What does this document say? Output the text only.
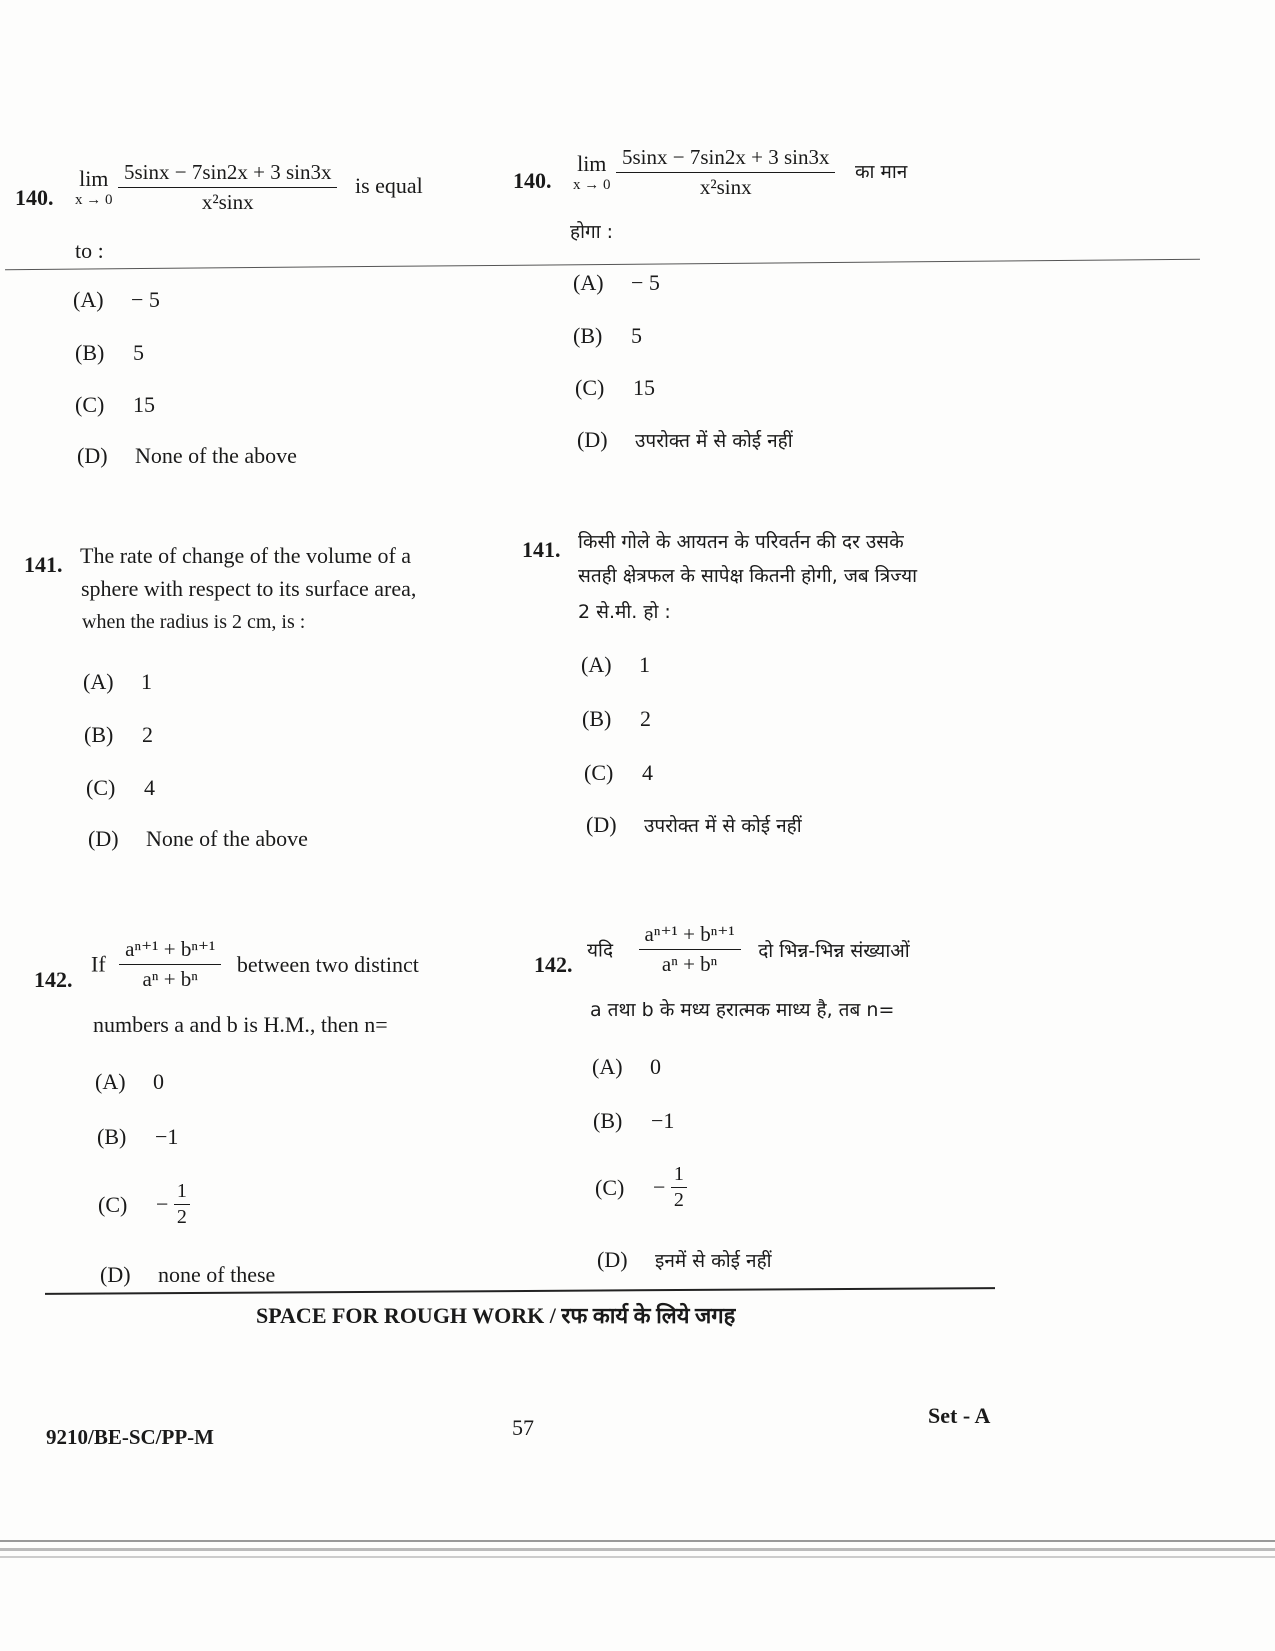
140.
lim
x → 0
$\frac{5\sin x - 7\sin 2x + 3 \sin 3x}{\text{x²sinx}}$ is equal
to :
(A) − 5
(B) 5
(C) 15
(D) None of the above
140.
lim
x → 0
$\frac{5\sin x - 7\sin 2x + 3 \sin 3x}{\text{x²sinx}}$ का मान
होगा :
(A) − 5
(B) 5
(C) 15
(D) उपरोक्त में से कोई नहीं
141. The rate of change of the volume of a
sphere with respect to its surface area,
when the radius is 2 cm, is :
(A) 1
(B) 2
(C) 4
(D) None of the above
141. किसी गोले के आयतन के परिवर्तन की दर उसके
सतही क्षेत्रफल के सापेक्ष कितनी होगी, जब त्रिज्या
2 से.मी. हो :
(A) 1
(B) 2
(C) 4
(D) उपरोक्त में से कोई नहीं
142.
If $\frac{\text{aⁿ⁺¹ + bⁿ⁺¹}}{\text{aⁿ + bⁿ}}$ between two distinct
numbers a and b is H.M., then n=
(A) 0
(B) −1
$(C) - \frac{1}{2}$
(D) none of these
142.
यदि $\frac{\text{aⁿ⁺¹ + bⁿ⁺¹}}{\text{aⁿ + bⁿ}}$ दो भिन्न-भिन्न संख्याओं
a तथा b के मध्य हरात्मक माध्य है, तब n=
(A) 0
(B) −1
$(C) - \frac{1}{2}$
(D) इनमें से कोई नहीं
SPACE FOR ROUGH WORK / रफ कार्य के लिये जगह
9210/BE-SC/PP-M	57	Set - A
